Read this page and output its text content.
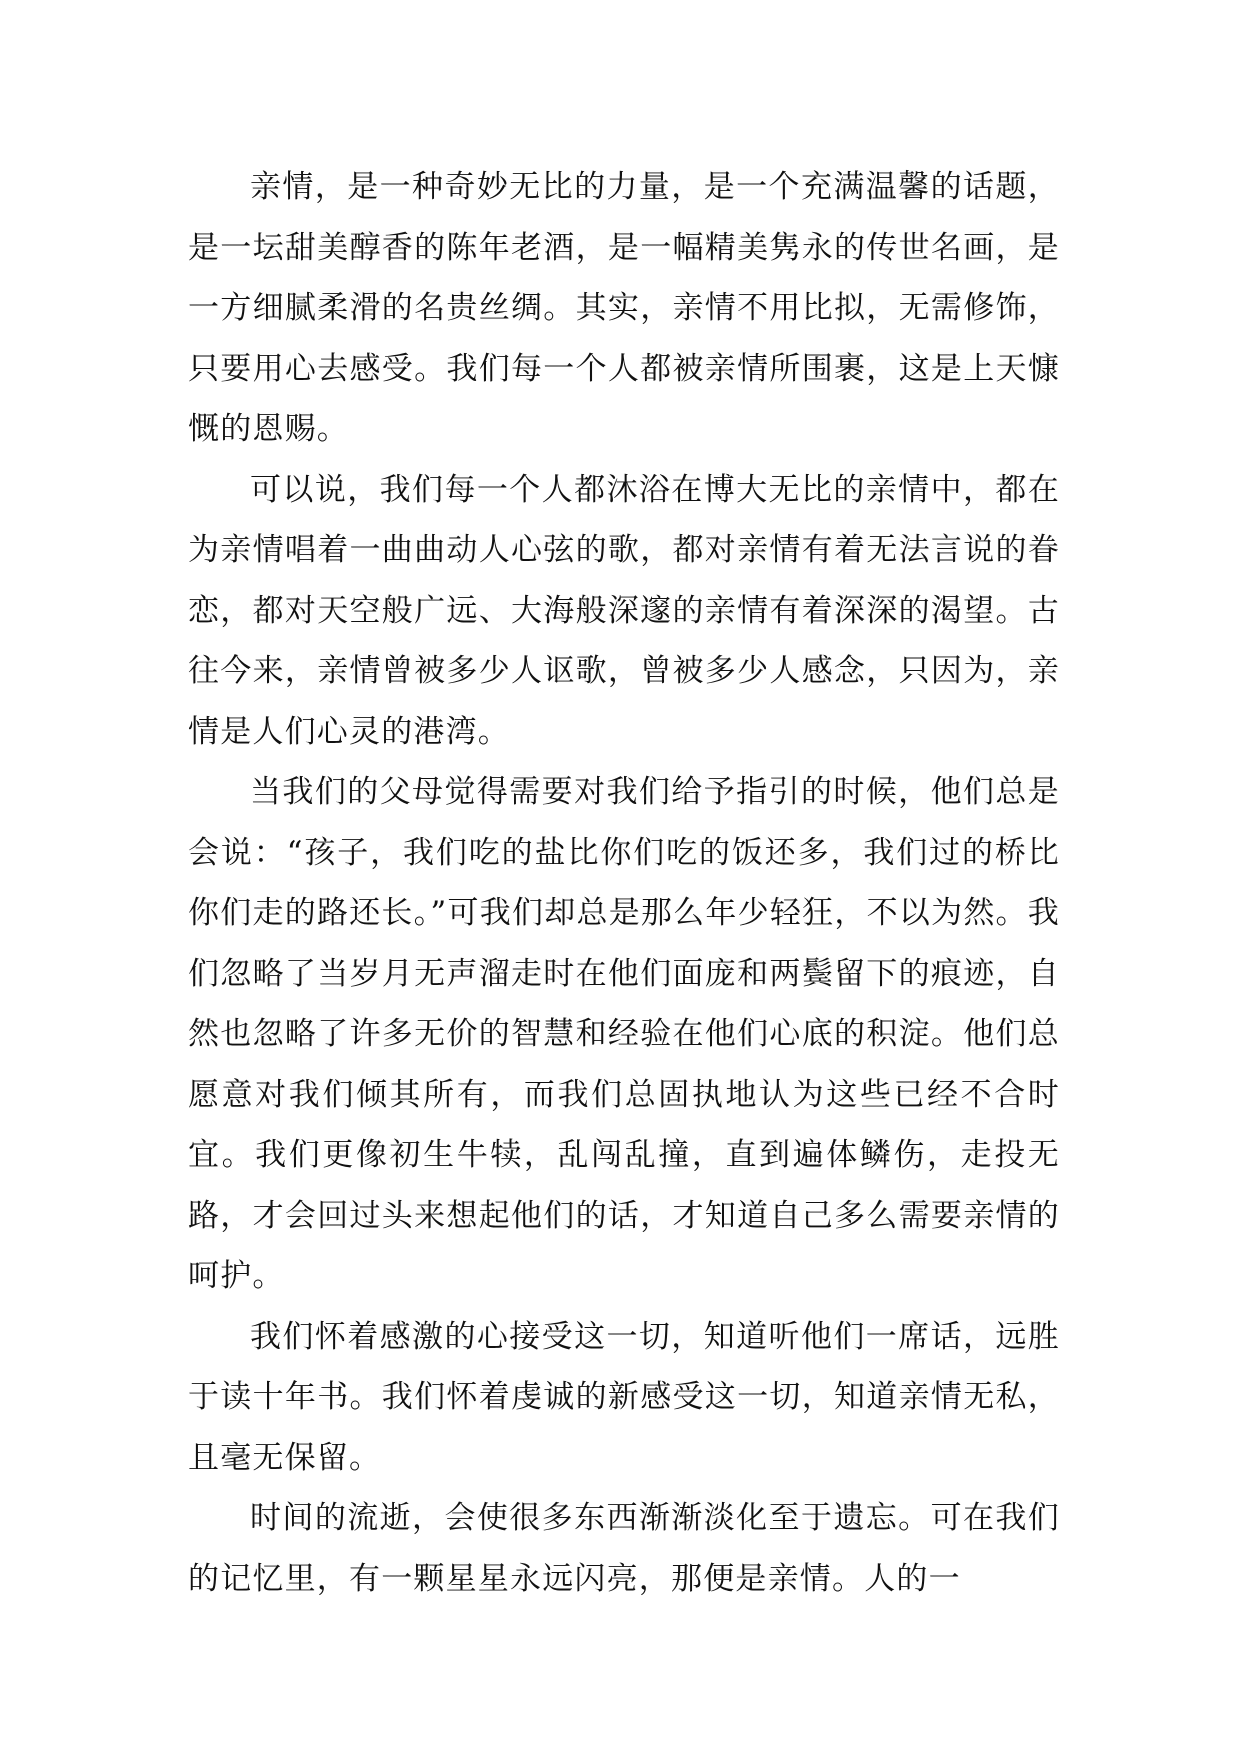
亲情，是一种奇妙无比的力量，是一个充满温馨的话题，是一坛甜美醇香的陈年老酒，是一幅精美隽永的传世名画，是一方细腻柔滑的名贵丝绸。其实，亲情不用比拟，无需修饰，只要用心去感受。我们每一个人都被亲情所围裹，这是上天慷慨的恩赐。

可以说，我们每一个人都沐浴在博大无比的亲情中，都在为亲情唱着一曲曲动人心弦的歌，都对亲情有着无法言说的眷恋，都对天空般广远、大海般深邃的亲情有着深深的渴望。古往今来，亲情曾被多少人讴歌，曾被多少人感念，只因为，亲情是人们心灵的港湾。

当我们的父母觉得需要对我们给予指引的时候，他们总是会说：“孩子，我们吃的盐比你们吃的饭还多，我们过的桥比你们走的路还长。”可我们却总是那么年少轻狂，不以为然。我们忽略了当岁月无声溜走时在他们面庞和两鬓留下的痕迹，自然也忽略了许多无价的智慧和经验在他们心底的积淀。他们总愿意对我们倾其所有，而我们总固执地认为这些已经不合时宜。我们更像初生牛犊，乱闯乱撞，直到遍体鳞伤，走投无路，才会回过头来想起他们的话，才知道自己多么需要亲情的呵护。

我们怀着感激的心接受这一切，知道听他们一席话，远胜于读十年书。我们怀着虔诚的新感受这一切，知道亲情无私，且毫无保留。

时间的流逝，会使很多东西渐渐淡化至于遗忘。可在我们的记忆里，有一颗星星永远闪亮，那便是亲情。人的一
